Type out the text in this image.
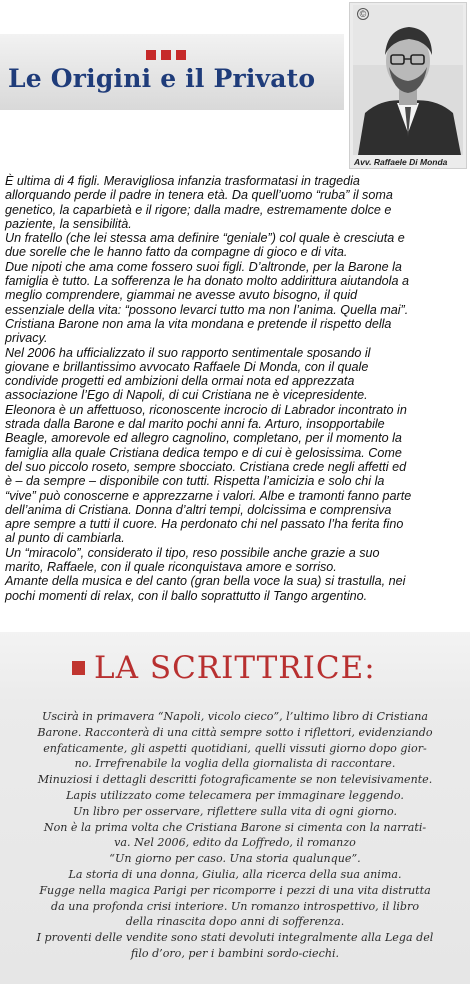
Le Origini e il Privato
©
Avv. Raffaele Di Monda
È ultima di 4 figli. Meravigliosa infanzia trasformatasi in tragedia
allorquando perde il padre in tenera età. Da quell’uomo “ruba” il soma
genetico, la caparbietà e il rigore; dalla madre, estremamente dolce e
paziente, la sensibilità.
Un fratello (che lei stessa ama definire “geniale”) col quale è cresciuta e
due sorelle che le hanno fatto da compagne di gioco e di vita.
Due nipoti che ama come fossero suoi figli. D’altronde, per la Barone la
famiglia è tutto. La sofferenza le ha donato molto addirittura aiutandola a
meglio comprendere, giammai ne avesse avuto bisogno, il quid
essenziale della vita: “possono levarci tutto ma non l’anima. Quella mai”.
Cristiana Barone non ama la vita mondana e pretende il rispetto della
privacy.
Nel 2006 ha ufficializzato il suo rapporto sentimentale sposando il
giovane e brillantissimo avvocato Raffaele Di Monda, con il quale
condivide progetti ed ambizioni della ormai nota ed apprezzata
associazione l’Ego di Napoli, di cui Cristiana ne è vicepresidente.
Eleonora è un affettuoso, riconoscente incrocio di Labrador incontrato in
strada dalla Barone e dal marito pochi anni fa. Arturo, insopportabile
Beagle, amorevole ed allegro cagnolino, completano, per il momento la
famiglia alla quale Cristiana dedica tempo e di cui è gelosissima. Come
del suo piccolo roseto, sempre sbocciato. Cristiana crede negli affetti ed
è – da sempre – disponibile con tutti. Rispetta l’amicizia e solo chi la
“vive” può conoscerne e apprezzarne i valori. Albe e tramonti fanno parte
dell’anima di Cristiana. Donna d’altri tempi, dolcissima e comprensiva
apre sempre a tutti il cuore. Ha perdonato chi nel passato l’ha ferita fino
al punto di cambiarla.
Un “miracolo”, considerato il tipo, reso possibile anche grazie a suo
marito, Raffaele, con il quale riconquistava amore e sorriso.
Amante della musica e del canto (gran bella voce la sua) si trastulla, nei
pochi momenti di relax, con il ballo soprattutto il Tango argentino.
LA SCRITTRICE:
Uscirà in primavera “Napoli, vicolo cieco”, l’ultimo libro di Cristiana
Barone. Racconterà di una città sempre sotto i riflettori, evidenziando
enfaticamente, gli aspetti quotidiani, quelli vissuti giorno dopo gior-
no. Irrefrenabile la voglia della giornalista di raccontare.
Minuziosi i dettagli descritti fotograficamente se non televisivamente.
Lapis utilizzato come telecamera per immaginare leggendo.
Un libro per osservare, riflettere sulla vita di ogni giorno.
Non è la prima volta che Cristiana Barone si cimenta con la narrati-
va. Nel 2006, edito da Loffredo, il romanzo
“Un giorno per caso. Una storia qualunque”.
La storia di una donna, Giulia, alla ricerca della sua anima.
Fugge nella magica Parigi per ricomporre i pezzi di una vita distrutta
da una profonda crisi interiore. Un romanzo introspettivo, il libro
della rinascita dopo anni di sofferenza.
I proventi delle vendite sono stati devoluti integralmente alla Lega del
filo d’oro, per i bambini sordo-ciechi.
